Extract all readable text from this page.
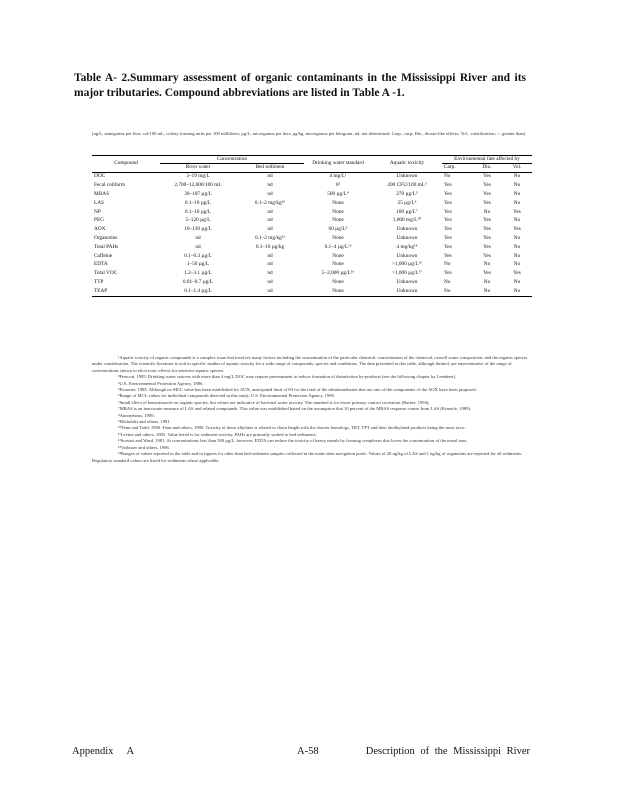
Table A- 2.Summary assessment of organic contaminants in the Mississippi River and its
major tributaries. Compound abbreviations are listed in Table A -1.
[ng/L, nanograms per liter; col/100 mL, colony forming units per 100 milliliters; µg/L, micrograms per liter; µg/kg, micrograms per kilogram; nd, not determined; Carp., carp; Dio., dioxin-like effects; Vol., volatilization; >, greater than]
Compound	Concentration		Drinking water standard	Aquatic toxicity	Environmental fate affected by		
	River water	Bed sediment			Carp.	Dio.	Vol.
DOC	3–19 mg/L	nd	4 mg/L¹	Unknown	No	Yes	No
Fecal coliform	2,700–12,000/100 mL	nd	0²	200 CFU/100 mL³	Yes	Yes	No
MBAS	30–107 µg/L	nd	500 µg/L⁴	270 µg/L⁵	Yes	Yes	No
LAS	0.1–10 µg/L	0.1–2 mg/kg³⁶	None	25 µg/L⁶	Yes	Yes	No
NP	0.1–10 µg/L	nd	None	180 µg/L⁷	Yes	No	Yes
PEG	5–120 µg/L	nd	None	1,000 mg/L¹⁰	Yes	Yes	No
AOX	10–130 µg/L	nd	60 µg/L⁶	Unknown	Yes	Yes	Yes
Organotins	nd	0.1–2 mg/kg¹²	None	Unknown	Yes	Yes	No
Total PAHs	nd	0.1–10 µg/kg	0.1–4 µg/L¹³	4 mg/kg¹⁴	Yes	Yes	No
Caffeine	0.1–0.3 µg/L	nd	None	Unknown	Yes	Yes	No
EDTA	1–50 µg/L	nd	None	>1,000 µg/L¹⁵	No	No	No
Total VOC	1.2–3.1 µg/L	nd	5–2,000 µg/L¹⁶	>1,000 µg/L¹⁷	Yes	Yes	Yes
TTP	0.01–0.7 µg/L	nd	None	Unknown	No	No	No
TEAP	0.1–1.4 µg/L	nd	None	Unknown	No	No	No

¹Aquatic toxicity of organic compounds is a complex issue that involves many factors including the concentration of the particular chemical, concentration of the chemical, overall water composition, and the organic species under consideration. The scientific literature is rich in specific studies of aquatic toxicity for a wide range of compounds, species and conditions. The data presented in this table, although limited, are representative of the range of concentrations shown to elicit toxic effects for sensitive aquatic species.

²Prescott, 1985. Drinking water sources with more than 4 mg/L DOC may require pretreatment to reduce formation of disinfection by-products (see the following chapter by Leenheer).

³U.S. Environmental Protection Agency, 1986.

⁴Fournier, 1985. Although no MCL value has been established for AOX, anticipated limit of 60 for the total of the trihalomethanes that are one of the components of the AOX have been proposed.

⁵Range of MCL values for individual compounds detected in this study, U.S. Environmental Protection Agency, 1990.

⁶Small effect of benzotriazole on organic species, but values are indicative of bacterial acute toxicity. The standard is for lower primary contact recreation (Barber, 1994).

⁷MBAS is an inaccurate measure of LAS and related compounds. This value was established based on the assumption that 10 percent of the MBAS response comes from LAS (Kimerle, 1989).

⁸Anonymous, 1989.

⁹Michalski and others, 1981.

¹⁰Fenn and Todd, 1990. Fenn and others, 1990. Toxicity of these alkyltins is related to chain length with the shorter homologs, TBT, TPT and their dealkylated products being the most toxic.

¹¹Levine and others, 1985. Value listed is for sediment toxicity. PAHs are primarily sorbed to bed sediments.

¹²Sorvari and Ward, 1981. At concentrations less than 500 µg/L, however, EDTA can reduce the toxicity of heavy metals by forming complexes that lower the concentration of the metal ions.

¹³Varhuser and others, 1996.

¹⁴Ranges of values reported in the table and in figures for other than bed-sediment samples collected in the main-stem navigation pools. Values of 20 ng/kg of LAS and 1 ng/kg of organotins are reported for all sediments. Regulatory standard values are listed for sediments where applicable.

Appendix A	A-58	Description of the Mississippi River
